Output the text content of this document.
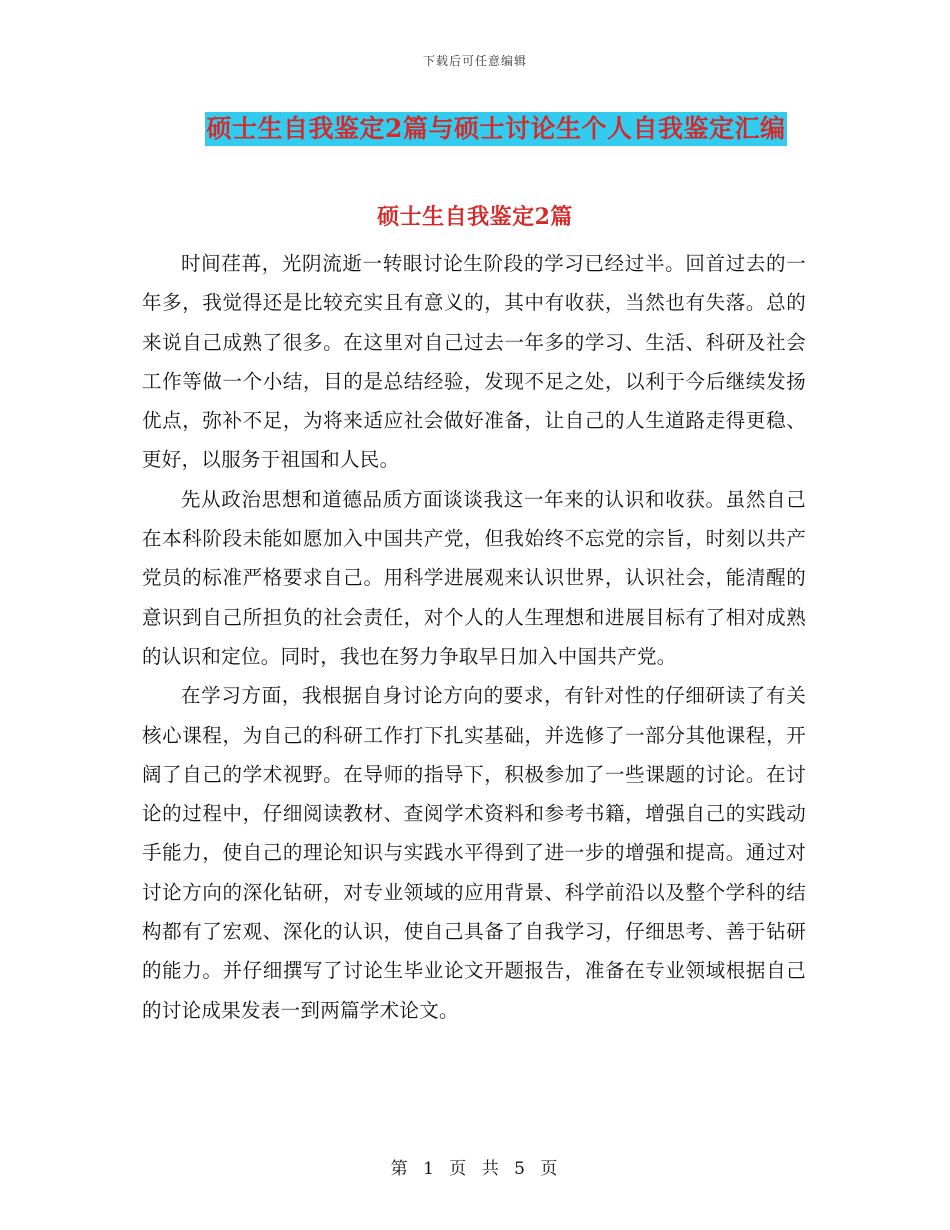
下载后可任意编辑
硕士生自我鉴定2篇与硕士讨论生个人自我鉴定汇编
硕士生自我鉴定2篇

时间荏苒，光阴流逝一转眼讨论生阶段的学习已经过半。回首过去的一年多，我觉得还是比较充实且有意义的，其中有收获，当然也有失落。总的来说自己成熟了很多。在这里对自己过去一年多的学习、生活、科研及社会工作等做一个小结，目的是总结经验，发现不足之处，以利于今后继续发扬优点，弥补不足，为将来适应社会做好准备，让自己的人生道路走得更稳、更好，以服务于祖国和人民。

先从政治思想和道德品质方面谈谈我这一年来的认识和收获。虽然自己在本科阶段未能如愿加入中国共产党，但我始终不忘党的宗旨，时刻以共产党员的标准严格要求自己。用科学进展观来认识世界，认识社会，能清醒的意识到自己所担负的社会责任，对个人的人生理想和进展目标有了相对成熟的认识和定位。同时，我也在努力争取早日加入中国共产党。

在学习方面，我根据自身讨论方向的要求，有针对性的仔细研读了有关核心课程，为自己的科研工作打下扎实基础，并选修了一部分其他课程，开阔了自己的学术视野。在导师的指导下，积极参加了一些课题的讨论。在讨论的过程中，仔细阅读教材、查阅学术资料和参考书籍，增强自己的实践动手能力，使自己的理论知识与实践水平得到了进一步的增强和提高。通过对讨论方向的深化钻研，对专业领域的应用背景、科学前沿以及整个学科的结构都有了宏观、深化的认识，使自己具备了自我学习，仔细思考、善于钻研的能力。并仔细撰写了讨论生毕业论文开题报告，准备在专业领域根据自己的讨论成果发表一到两篇学术论文。

第 1 页 共 5 页
